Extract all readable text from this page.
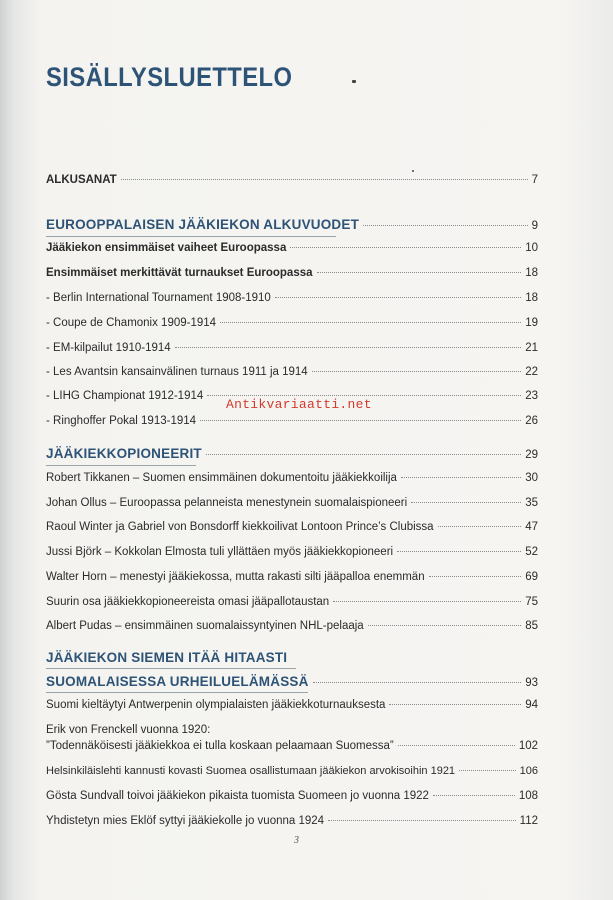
SISÄLLYSLUETTELO
ALKUSANAT	7
EUROOPPALAISEN JÄÄKIEKON ALKUVUODET	9
Jääkiekon ensimmäiset vaiheet Euroopassa	10
Ensimmäiset merkittävät turnaukset Euroopassa	18
- Berlin International Tournament 1908-1910	18
- Coupe de Chamonix 1909-1914	19
- EM-kilpailut 1910-1914	21
- Les Avantsin kansainvälinen turnaus 1911 ja 1914	22
- LIHG Championat 1912-1914	23
- Ringhoffer Pokal 1913-1914	26
JÄÄKIEKKOPIONEERIT	29
Robert Tikkanen – Suomen ensimmäinen dokumentoitu jääkiekkoilija	30
Johan Ollus – Euroopassa pelanneista menestynein suomalaispioneeri	35
Raoul Winter ja Gabriel von Bonsdorff kiekkoilivat Lontoon Prince’s Clubissa	47
Jussi Björk – Kokkolan Elmosta tuli yllättäen myös jääkiekkopioneeri	52
Walter Horn – menestyi jääkiekossa, mutta rakasti silti jääpalloa enemmän	69
Suurin osa jääkiekkopioneereista omasi jääpallotaustan	75
Albert Pudas – ensimmäinen suomalaissyntyinen NHL-pelaaja	85
JÄÄKIEKON SIEMEN ITÄÄ HITAASTI
SUOMALAISESSA URHEILUELÄMÄSSÄ	93
Suomi kieltäytyi Antwerpenin olympialaisten jääkiekkoturnauksesta	94
Erik von Frenckell vuonna 1920:
”Todennäköisesti jääkiekkoa ei tulla koskaan pelaamaan Suomessa”	102
Helsinkiläislehti kannusti kovasti Suomea osallistumaan jääkiekon arvokisoihin 1921	106
Gösta Sundvall toivoi jääkiekon pikaista tuomista Suomeen jo vuonna 1922	108
Yhdistetyn mies Eklöf syttyi jääkiekolle jo vuonna 1924	112
Antikvariaatti.net
3
